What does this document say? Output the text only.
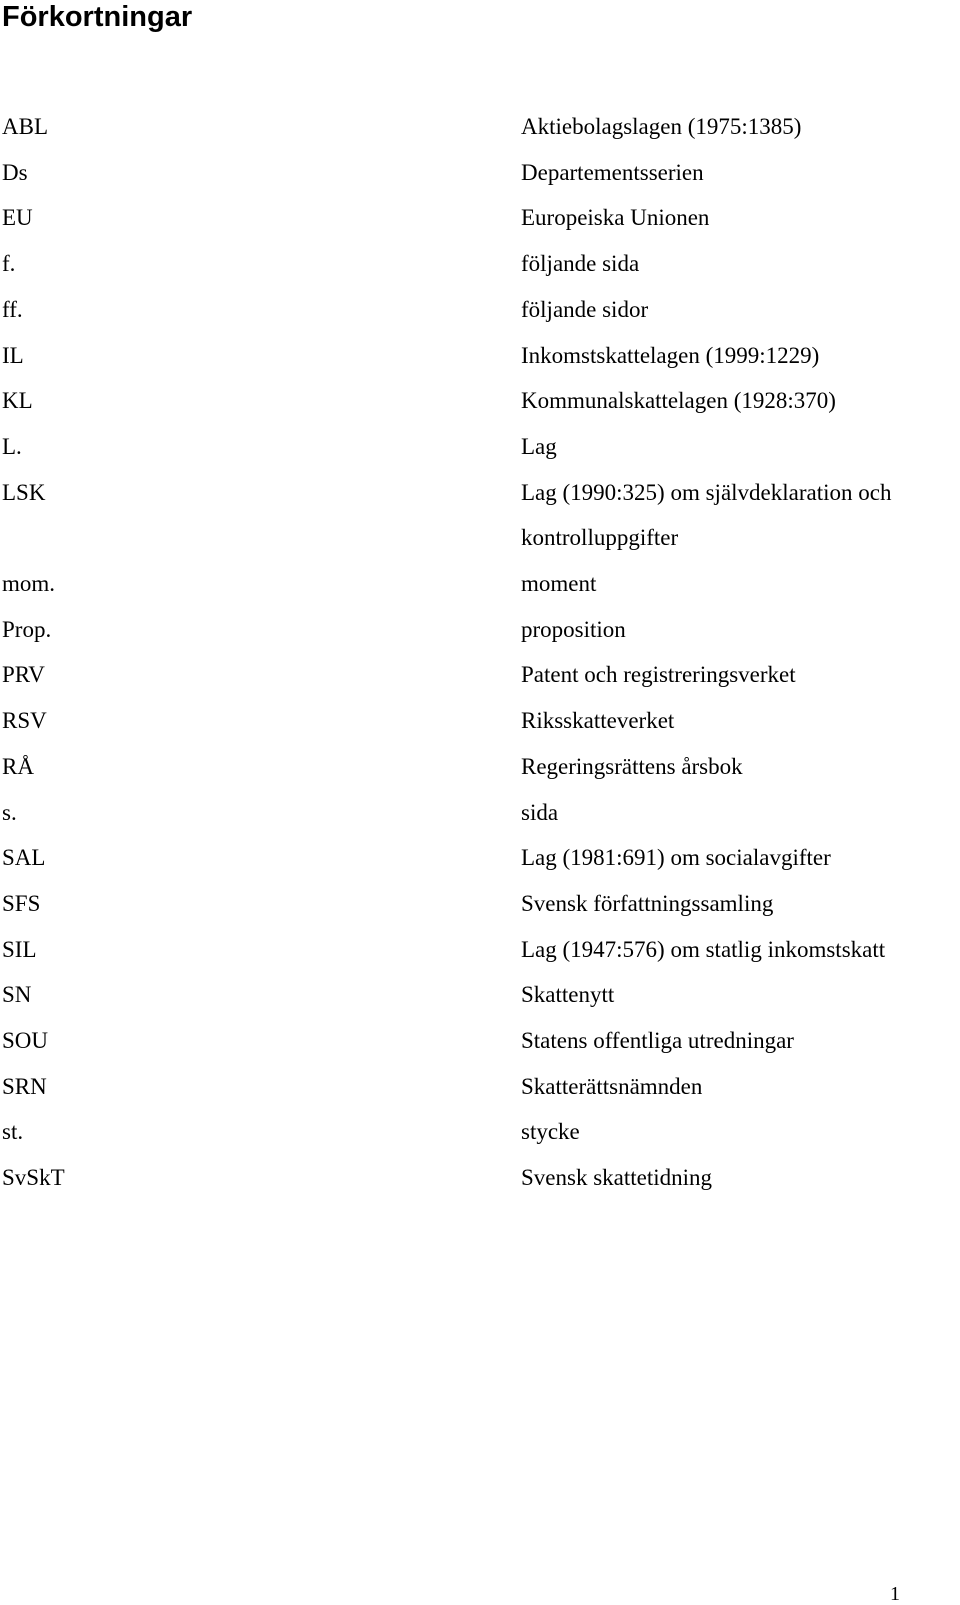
Förkortningar
ABL	Aktiebolagslagen (1975:1385)
Ds	Departementsserien
EU	Europeiska Unionen
f.	följande sida
ff.	följande sidor
IL	Inkomstskattelagen (1999:1229)
KL	Kommunalskattelagen (1928:370)
L.	Lag
LSK	Lag (1990:325) om självdeklaration och kontrolluppgifter
mom.	moment
Prop.	proposition
PRV	Patent och registreringsverket
RSV	Riksskatteverket
RÅ	Regeringsrättens årsbok
s.	sida
SAL	Lag (1981:691) om socialavgifter
SFS	Svensk författningssamling
SIL	Lag (1947:576) om statlig inkomstskatt
SN	Skattenytt
SOU	Statens offentliga utredningar
SRN	Skatterättsnämnden
st.	stycke
SvSkT	Svensk skattetidning
1
